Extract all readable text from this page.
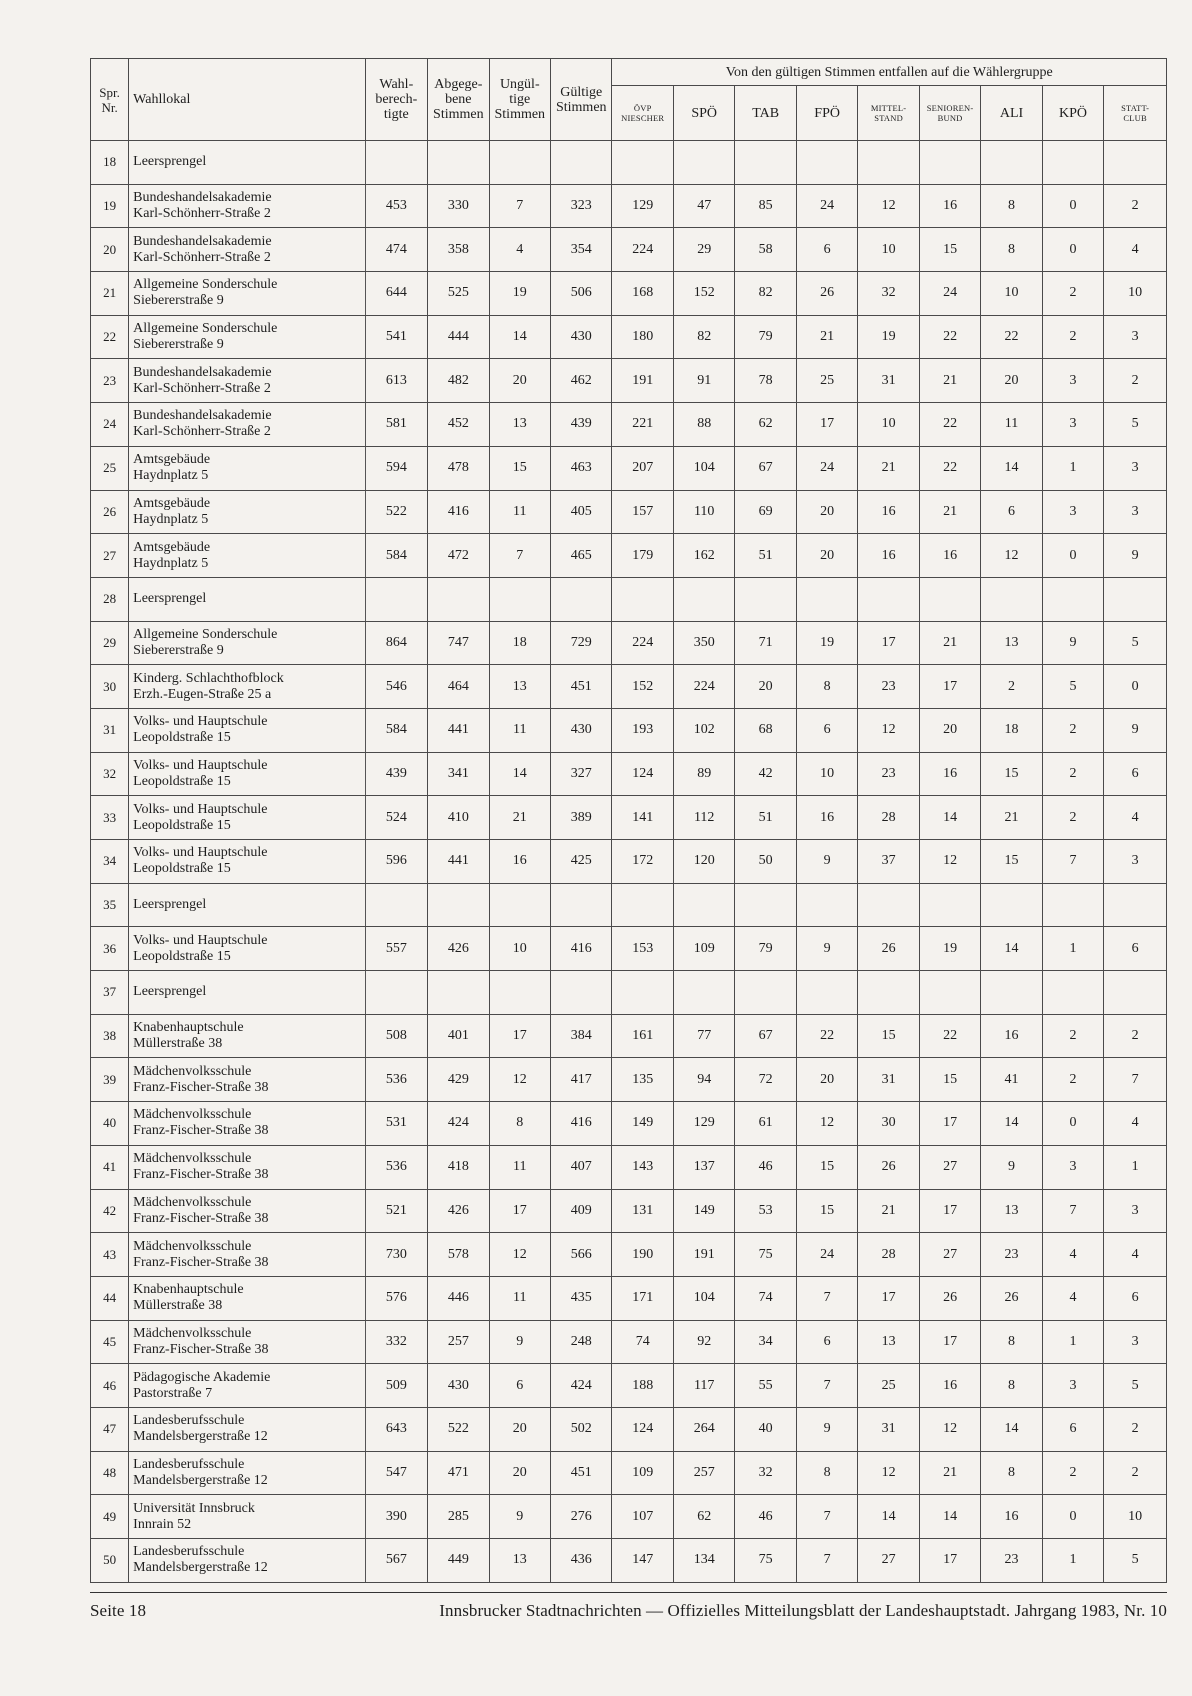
Spr. Nr.	Wahllokal	Wahl-
berech-
tigte	Abgege-
bene
Stimmen	Ungül-
tige
Stimmen	Gültige
Stimmen	Von den gültigen Stimmen entfallen auf die Wählergruppe								
						ÖVP
NIESCHER	SPÖ	TAB	FPÖ	MITTEL-
STAND	SENIOREN-
BUND	ALI	KPÖ	STATT-
CLUB
18	Leersprengel													

19	Bundeshandelsakademie
Karl-Schönherr-Straße 2	453	330	7	323	129	47	85	24	12	16	8	0	2
20	Bundeshandelsakademie
Karl-Schönherr-Straße 2	474	358	4	354	224	29	58	6	10	15	8	0	4
21	Allgemeine Sonderschule
Siebererstraße 9	644	525	19	506	168	152	82	26	32	24	10	2	10
22	Allgemeine Sonderschule
Siebererstraße 9	541	444	14	430	180	82	79	21	19	22	22	2	3
23	Bundeshandelsakademie
Karl-Schönherr-Straße 2	613	482	20	462	191	91	78	25	31	21	20	3	2
24	Bundeshandelsakademie
Karl-Schönherr-Straße 2	581	452	13	439	221	88	62	17	10	22	11	3	5
25	Amtsgebäude
Haydnplatz 5	594	478	15	463	207	104	67	24	21	22	14	1	3
26	Amtsgebäude
Haydnplatz 5	522	416	11	405	157	110	69	20	16	21	6	3	3
27	Amtsgebäude
Haydnplatz 5	584	472	7	465	179	162	51	20	16	16	12	0	9
28	Leersprengel													

29	Allgemeine Sonderschule
Siebererstraße 9	864	747	18	729	224	350	71	19	17	21	13	9	5
30	Kinderg. Schlachthofblock
Erzh.-Eugen-Straße 25 a	546	464	13	451	152	224	20	8	23	17	2	5	0
31	Volks- und Hauptschule
Leopoldstraße 15	584	441	11	430	193	102	68	6	12	20	18	2	9
32	Volks- und Hauptschule
Leopoldstraße 15	439	341	14	327	124	89	42	10	23	16	15	2	6
33	Volks- und Hauptschule
Leopoldstraße 15	524	410	21	389	141	112	51	16	28	14	21	2	4
34	Volks- und Hauptschule
Leopoldstraße 15	596	441	16	425	172	120	50	9	37	12	15	7	3
35	Leersprengel													

36	Volks- und Hauptschule
Leopoldstraße 15	557	426	10	416	153	109	79	9	26	19	14	1	6
37	Leersprengel													

38	Knabenhauptschule
Müllerstraße 38	508	401	17	384	161	77	67	22	15	22	16	2	2
39	Mädchenvolksschule
Franz-Fischer-Straße 38	536	429	12	417	135	94	72	20	31	15	41	2	7
40	Mädchenvolksschule
Franz-Fischer-Straße 38	531	424	8	416	149	129	61	12	30	17	14	0	4
41	Mädchenvolksschule
Franz-Fischer-Straße 38	536	418	11	407	143	137	46	15	26	27	9	3	1
42	Mädchenvolksschule
Franz-Fischer-Straße 38	521	426	17	409	131	149	53	15	21	17	13	7	3
43	Mädchenvolksschule
Franz-Fischer-Straße 38	730	578	12	566	190	191	75	24	28	27	23	4	4
44	Knabenhauptschule
Müllerstraße 38	576	446	11	435	171	104	74	7	17	26	26	4	6
45	Mädchenvolksschule
Franz-Fischer-Straße 38	332	257	9	248	74	92	34	6	13	17	8	1	3
46	Pädagogische Akademie
Pastorstraße 7	509	430	6	424	188	117	55	7	25	16	8	3	5
47	Landesberufsschule
Mandelsbergerstraße 12	643	522	20	502	124	264	40	9	31	12	14	6	2
48	Landesberufsschule
Mandelsbergerstraße 12	547	471	20	451	109	257	32	8	12	21	8	2	2
49	Universität Innsbruck
Innrain 52	390	285	9	276	107	62	46	7	14	14	16	0	10
50	Landesberufsschule
Mandelsbergerstraße 12	567	449	13	436	147	134	75	7	27	17	23	1	5
Seite 18	Innsbrucker Stadtnachrichten — Offizielles Mitteilungsblatt der Landeshauptstadt. Jahrgang 1983, Nr. 10
